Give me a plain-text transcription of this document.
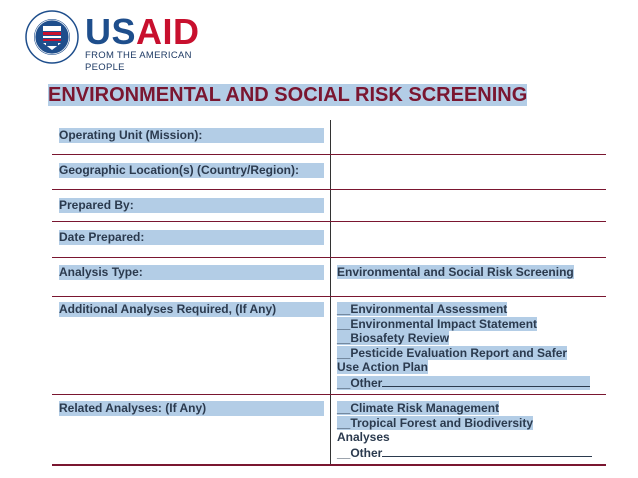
USAID
FROM THE AMERICAN PEOPLE
ENVIRONMENTAL AND SOCIAL RISK SCREENING
Operating Unit (Mission):
Geographic Location(s) (Country/Region):
Prepared By:
Date Prepared:
Analysis Type:	Environmental and Social Risk Screening
Additional Analyses Required, (If Any)	__Environmental Assessment
__Environmental Impact Statement
__Biosafety Review
__Pesticide Evaluation Report and Safer
Use Action Plan
__Other
Related Analyses: (If Any)	__Climate Risk Management
__Tropical Forest and Biodiversity
Analyses
__Other
